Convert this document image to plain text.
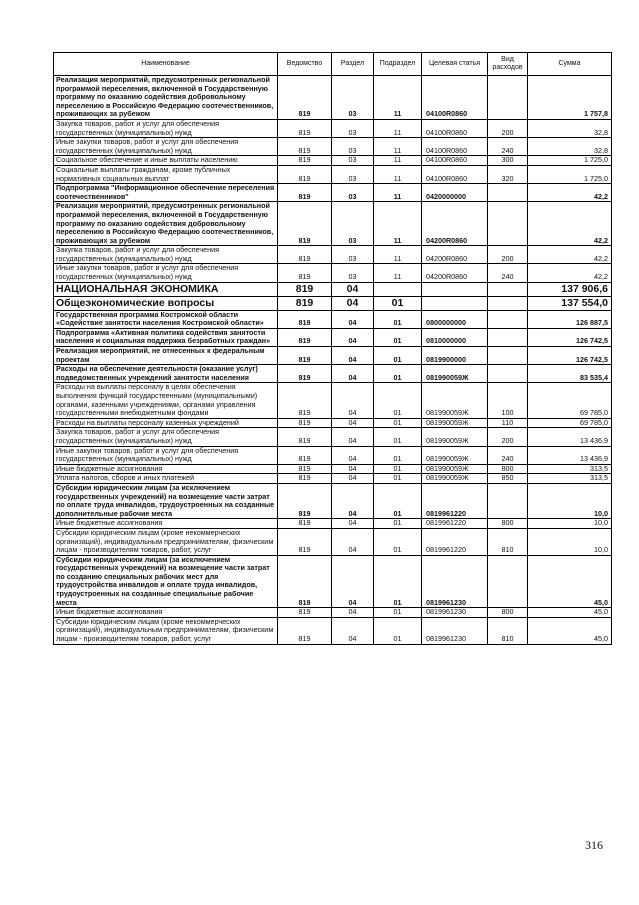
Наименование	Ведомство	Раздел	Подраздел	Целевая статья	Вид расходов	Сумма
Реализация мероприятий, предусмотренных региональной программой переселения, включенной в Государственную программу по оказанию содействия добровольному переселению в Российскую Федерацию соотечественников, проживающих за рубежом	819	03	11	04100R0860		1 757,8
Закупка товаров, работ и услуг для обеспечения государственных (муниципальных) нужд	819	03	11	04100R0860	200	32,8
Иные закупки товаров, работ и услуг для обеспечения государственных (муниципальных) нужд	819	03	11	04100R0860	240	32,8
Социальное обеспечение и иные выплаты населению	819	03	11	04100R0860	300	1 725,0
Социальные выплаты гражданам, кроме публичных нормативных социальных выплат	819	03	11	04100R0860	320	1 725,0
Подпрограмма "Информационное обеспечение переселения соотечественников"	819	03	11	0420000000		42,2
Реализация мероприятий, предусмотренных региональной программой переселения, включенной в Государственную программу по оказанию содействия добровольному переселению в Российскую Федерацию соотечественников, проживающих за рубежом	819	03	11	04200R0860		42,2
Закупка товаров, работ и услуг для обеспечения государственных (муниципальных) нужд	819	03	11	04200R0860	200	42,2
Иные закупки товаров, работ и услуг для обеспечения государственных (муниципальных) нужд	819	03	11	04200R0860	240	42,2
НАЦИОНАЛЬНАЯ ЭКОНОМИКА	819	04				137 906,6
Общеэкономические вопросы	819	04	01			137 554,0
Государственная программа Костромской области «Содействие занятости населения Костромской области»	819	04	01	0800000000		126 887,5
Подпрограмма «Активная политика содействия занятости населения и социальная поддержка безработных граждан»	819	04	01	0810000000		126 742,5
Реализация мероприятий, не отнесенных к федеральным проектам	819	04	01	0819900000		126 742,5
Расходы на обеспечение деятельности (оказание услуг) подведомственных учреждений занятости населения	819	04	01	081990059Ж		83 535,4
Расходы на выплаты персоналу в целях обеспечения выполнения функций государственными (муниципальными) органами, казенными учреждениями, органами управления государственными внебюджетными фондами	819	04	01	081990059Ж	100	69 785,0
Расходы на выплаты персоналу казенных учреждений	819	04	01	081990059Ж	110	69 785,0
Закупка товаров, работ и услуг для обеспечения государственных (муниципальных) нужд	819	04	01	081990059Ж	200	13 436,9
Иные закупки товаров, работ и услуг для обеспечения государственных (муниципальных) нужд	819	04	01	081990059Ж	240	13 436,9
Иные бюджетные ассигнования	819	04	01	081990059Ж	800	313,5
Уплата налогов, сборов и иных платежей	819	04	01	081990059Ж	850	313,5
Субсидии юридическим лицам (за исключением государственных учреждений) на возмещение части затрат по оплате труда инвалидов, трудоустроенных на созданные дополнительные рабочие места	819	04	01	0819961220		10,0
Иные бюджетные ассигнования	819	04	01	0819961220	800	10,0
Субсидии юридическим лицам (кроме некоммерческих организаций), индивидуальным предпринимателям, физическим лицам - производителям товаров, работ, услуг	819	04	01	0819961220	810	10,0
Субсидии юридическим лицам (за исключением государственных учреждений) на возмещение части затрат по созданию специальных рабочих мест для трудоустройства инвалидов и оплате труда инвалидов, трудоустроенных на созданные специальные рабочие места	819	04	01	0819961230		45,0
Иные бюджетные ассигнования	819	04	01	0819961230	800	45,0
Субсидии юридическим лицам (кроме некоммерческих организаций), индивидуальным предпринимателям, физическим лицам - производителям товаров, работ, услуг	819	04	01	0819961230	810	45,0
316
